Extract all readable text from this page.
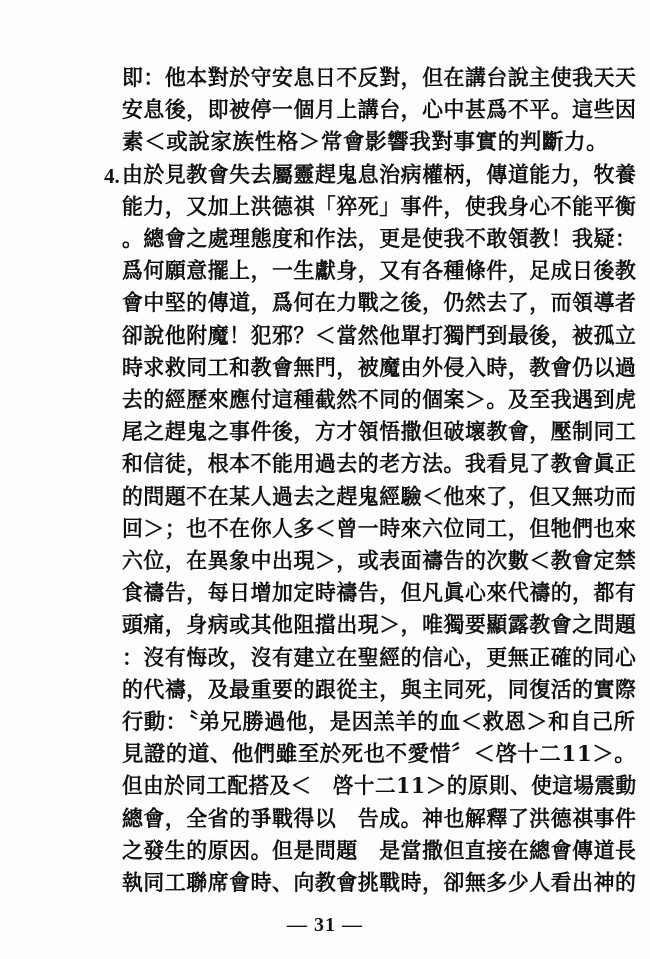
即：他本對於守安息日不反對，但在講台說主使我天天
安息後，即被停一個月上講台，心中甚爲不平。這些因
素＜或說家族性格＞常會影響我對事實的判斷力。
4. 由於見教會失去屬靈趕鬼息治病權柄，傳道能力，牧養
能力，又加上洪德祺「猝死」事件，使我身心不能平衡
。總會之處理態度和作法，更是使我不敢領教！我疑：
爲何願意擺上，一生獻身，又有各種條件，足成日後教
會中堅的傳道，爲何在力戰之後，仍然去了，而領導者
卻說他附魔！犯邪？＜當然他單打獨鬥到最後，被孤立
時求救同工和教會無門，被魔由外侵入時，教會仍以過
去的經歷來應付這種截然不同的個案＞。及至我遇到虎
尾之趕鬼之事件後，方才領悟撒但破壞教會，壓制同工
和信徒，根本不能用過去的老方法。我看見了教會眞正
的問題不在某人過去之趕鬼經驗＜他來了，但又無功而
回＞；也不在你人多＜曾一時來六位同工，但牠們也來
六位，在異象中出現＞，或表面禱告的次數＜教會定禁
食禱告，每日增加定時禱告，但凡眞心來代禱的，都有
頭痛，身病或其他阻擋出現＞，唯獨要顯露教會之問題
：沒有悔改，沒有建立在聖經的信心，更無正確的同心
的代禱，及最重要的跟從主，與主同死，同復活的實際
行動：〝弟兄勝過他，是因羔羊的血＜救恩＞和自己所
見證的道、他們雖至於死也不愛惜〞＜啓十二11＞。
但由於同工配搭及＜　啓十二11＞的原則、使這場震動
總會，全省的爭戰得以　告成。神也解釋了洪德祺事件
之發生的原因。但是問題　是當撒但直接在總會傳道長
執同工聯席會時、向教會挑戰時，卻無多少人看出神的
— 31 —
